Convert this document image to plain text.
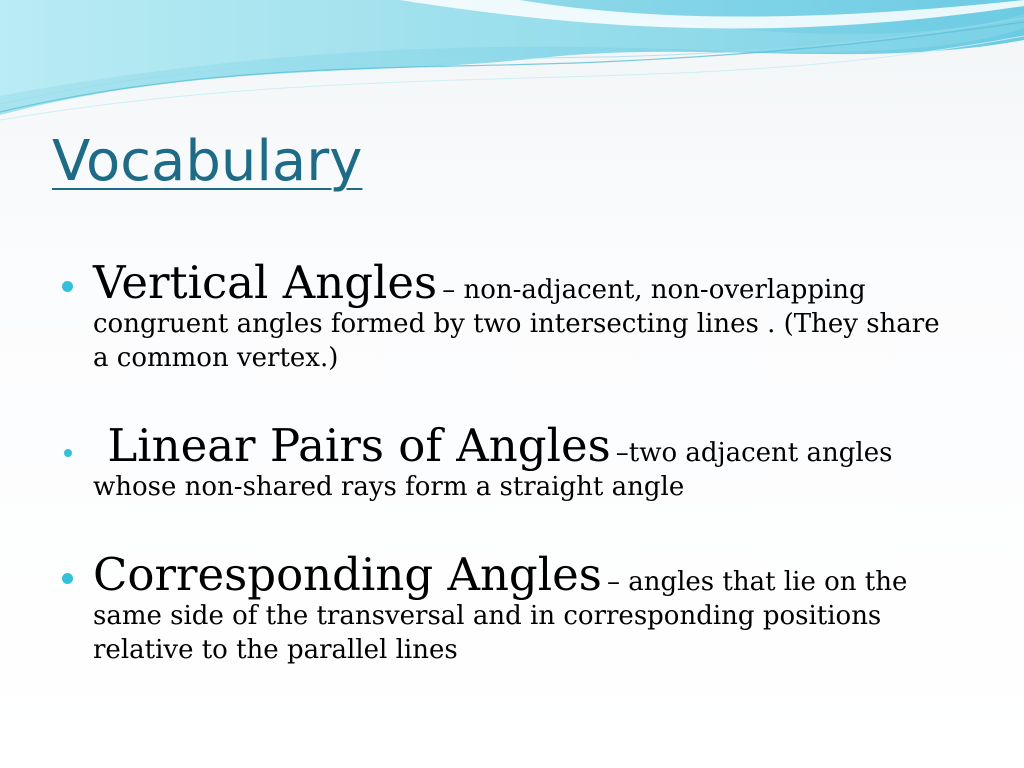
Vocabulary
Vertical Angles – non-adjacent, non-overlapping congruent angles formed by two intersecting lines . (They share a common vertex.)
Linear Pairs of Angles –two adjacent angles whose non-shared rays form a straight angle
Corresponding Angles – angles that lie on the same side of the transversal and in corresponding positions relative to the parallel lines
